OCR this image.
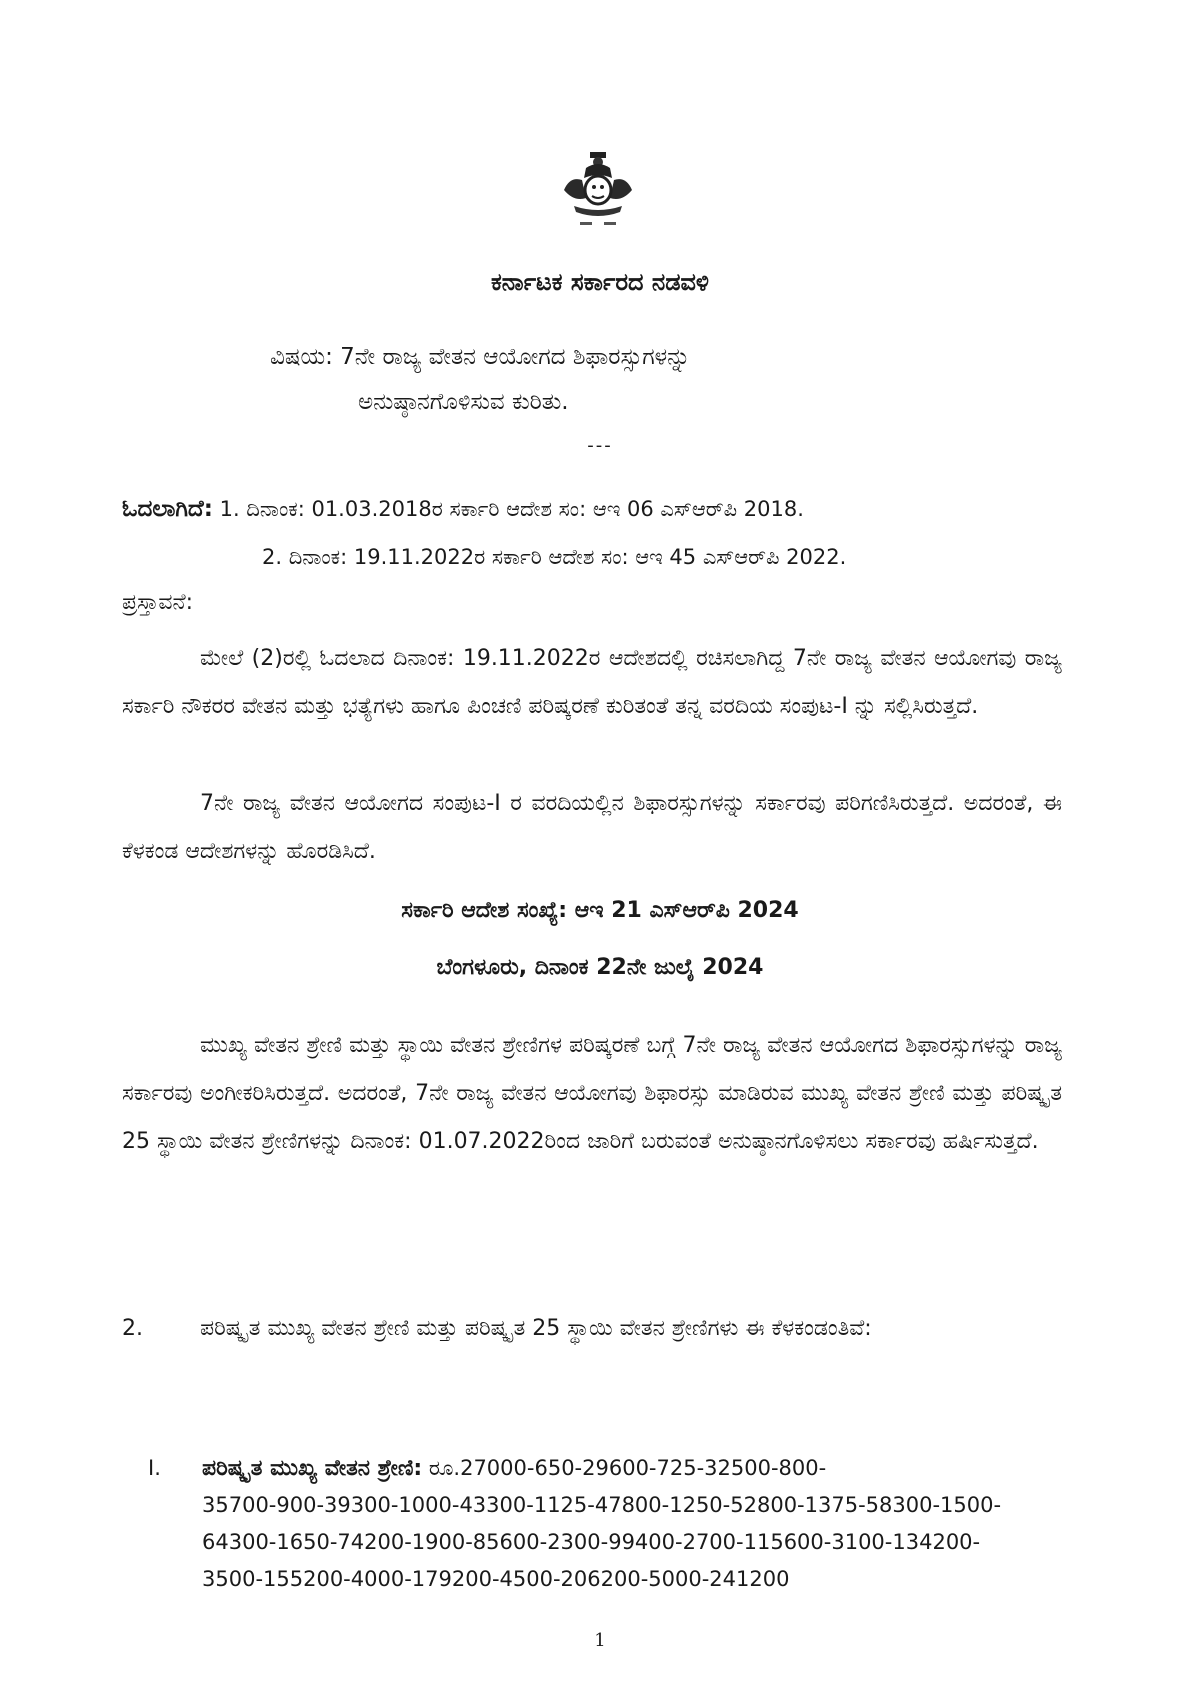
ಕರ್ನಾಟಕ ಸರ್ಕಾರದ ನಡವಳಿ
ವಿಷಯ: 7ನೇ ರಾಜ್ಯ ವೇತನ ಆಯೋಗದ ಶಿಫಾರಸ್ಸುಗಳನ್ನು
ಅನುಷ್ಠಾನಗೊಳಿಸುವ ಕುರಿತು.
---
ಓದಲಾಗಿದೆ: 1. ದಿನಾಂಕ: 01.03.2018ರ ಸರ್ಕಾರಿ ಆದೇಶ ಸಂ: ಆಇ 06 ಎಸ್‌ಆರ್‌ಪಿ 2018.
2. ದಿನಾಂಕ: 19.11.2022ರ ಸರ್ಕಾರಿ ಆದೇಶ ಸಂ: ಆಇ 45 ಎಸ್‌ಆರ್‌ಪಿ 2022.
ಪ್ರಸ್ತಾವನೆ:

ಮೇಲೆ (2)ರಲ್ಲಿ ಓದಲಾದ ದಿನಾಂಕ: 19.11.2022ರ ಆದೇಶದಲ್ಲಿ ರಚಿಸಲಾಗಿದ್ದ 7ನೇ ರಾಜ್ಯ ವೇತನ ಆಯೋಗವು ರಾಜ್ಯ ಸರ್ಕಾರಿ ನೌಕರರ ವೇತನ ಮತ್ತು ಭತ್ಯೆಗಳು ಹಾಗೂ ಪಿಂಚಣಿ ಪರಿಷ್ಕರಣೆ ಕುರಿತಂತೆ ತನ್ನ ವರದಿಯ ಸಂಪುಟ-I ನ್ನು ಸಲ್ಲಿಸಿರುತ್ತದೆ.

7ನೇ ರಾಜ್ಯ ವೇತನ ಆಯೋಗದ ಸಂಪುಟ-I ರ ವರದಿಯಲ್ಲಿನ ಶಿಫಾರಸ್ಸುಗಳನ್ನು ಸರ್ಕಾರವು ಪರಿಗಣಿಸಿರುತ್ತದೆ. ಅದರಂತೆ, ಈ ಕೆಳಕಂಡ ಆದೇಶಗಳನ್ನು ಹೊರಡಿಸಿದೆ.

ಸರ್ಕಾರಿ ಆದೇಶ ಸಂಖ್ಯೆ: ಆಇ 21 ಎಸ್‌ಆರ್‌ಪಿ 2024
ಬೆಂಗಳೂರು, ದಿನಾಂಕ 22ನೇ ಜುಲೈ 2024

ಮುಖ್ಯ ವೇತನ ಶ್ರೇಣಿ ಮತ್ತು ಸ್ಥಾಯಿ ವೇತನ ಶ್ರೇಣಿಗಳ ಪರಿಷ್ಕರಣೆ ಬಗ್ಗೆ 7ನೇ ರಾಜ್ಯ ವೇತನ ಆಯೋಗದ ಶಿಫಾರಸ್ಸುಗಳನ್ನು ರಾಜ್ಯ ಸರ್ಕಾರವು ಅಂಗೀಕರಿಸಿರುತ್ತದೆ. ಅದರಂತೆ, 7ನೇ ರಾಜ್ಯ ವೇತನ ಆಯೋಗವು ಶಿಫಾರಸ್ಸು ಮಾಡಿರುವ ಮುಖ್ಯ ವೇತನ ಶ್ರೇಣಿ ಮತ್ತು ಪರಿಷ್ಕೃತ 25 ಸ್ಥಾಯಿ ವೇತನ ಶ್ರೇಣಿಗಳನ್ನು ದಿನಾಂಕ: 01.07.2022ರಿಂದ ಜಾರಿಗೆ ಬರುವಂತೆ ಅನುಷ್ಠಾನಗೊಳಿಸಲು ಸರ್ಕಾರವು ಹರ್ಷಿಸುತ್ತದೆ.

2.	ಪರಿಷ್ಕೃತ ಮುಖ್ಯ ವೇತನ ಶ್ರೇಣಿ ಮತ್ತು ಪರಿಷ್ಕೃತ 25 ಸ್ಥಾಯಿ ವೇತನ ಶ್ರೇಣಿಗಳು ಈ ಕೆಳಕಂಡಂತಿವೆ:

I. ಪರಿಷ್ಕೃತ ಮುಖ್ಯ ವೇತನ ಶ್ರೇಣಿ: ರೂ.27000-650-29600-725-32500-800-
35700-900-39300-1000-43300-1125-47800-1250-52800-1375-58300-1500-
64300-1650-74200-1900-85600-2300-99400-2700-115600-3100-134200-
3500-155200-4000-179200-4500-206200-5000-241200
1
